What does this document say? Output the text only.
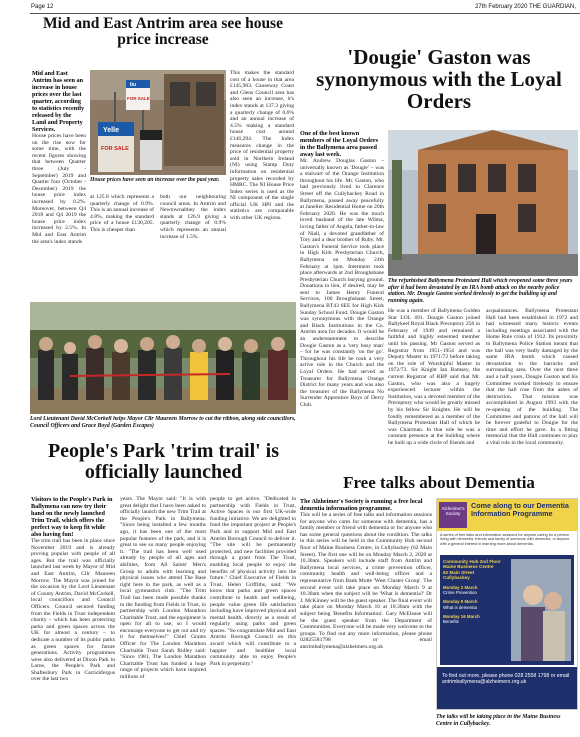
Page 12	27th February 2020 THE GUARDIAN,
Mid and East Antrim area see house price increase

Mid and East Antrim has seen an increase in house prices over the last quarter, according to statistics recently released by the Land and Property Services.

House prices have been on the rise now for some time, with the recent figures showing that between Quarter three (July - September) 2019 and Quarter four (October - December) 2019 the house price index increased by 0.2%. Moreover, between Q4 2018 and Q4 2019 the house price index increased by 2.5%. In Mid and East Antrim the area's index stands

Yelle
FOR SALE
bu
FOR SALE
House prices have seen an increase over the past year.
at 125.8 which represents a quarterly change of 0.9%. This is an annual increase of 4.8%, making the standard price of a house £130,205. This is cheaper than
both our neighbouring council areas. In Antrim and Newtownabbey the index stands at 126.9 giving a quarterly change of 0.9% which represents an annual increase of 1.5%.
This makes the standard cost of a house in that area £145,903. Causeway Coast and Glens Council area has also seen an increase, it's index stands at 137.3 giving a quarterly change of 0.6% and an annual increase of 4.5% making a standard house cost around £146,294. The Index measures change in the price of residential property sold in Northern Ireland (NI) using Stamp Duty information on residential property sales recorded by HMRC. The NI House Price Index series is used as the NI component of the single official UK HPI and the statistics are comparable with other UK regions.
Lord Lieutenant David McCorkell helps Mayor Cllr Maureen Morrow to cut the ribbon, along side councillors, Council Officers and Grace Boyd (Garden Escapes)
People's Park 'trim trail' is officially launched

Visitors to the People's Park in Ballymena can now try their hand on the newly launched Trim Trail, which offers the perfect way to keep fit while also having fun!

The trim trail has been in place since November 2019 and is already proving popular with people of all ages. But the trail was officially launched last week by Mayor of Mid and East Antrim, Cllr Maureen Morrow. The Mayor was joined for the occasion by the Lord Lieutenant of County Antrim, David McCorkell, local councillors and Council Officers. Council secured funding from the Fields in Trust independent charity – which has been protecting parks and green spaces across the UK for almost a century – to dedicate a number of its public parks as green spaces for future generations. Activity programmes were also delivered at Dixon Park in Larne, the People's Park and Shaftesbury Park in Carrickfergus over the last two

years. The Mayor said: "It is with great delight that I have been asked to officially launch the new Trim Trail at the People's Park in Ballymena. "Since being installed a few months ago, it has been one of the most popular features of the park, and it is great to see so many people enjoying it. "The trail has been well used already by people of all ages and abilities, from All Saints' Men's Group to adults with learning and physical issues who attend The Base right here in the park, as well as a local gymnastics club. "The Trim Trail has been made possible thanks to the funding from Fields in Trust, in partnership with London Marathon Charitable Trust, and the equipment is open for all to use, so I would encourage everyone to get out and try it for themselves!" Chief Grants Officer for The London Marathon Charitable Trust Sarah Ridley said: "Since 1981, The London Marathon Charitable Trust has funded a huge range of projects which have inspired millions of
people to get active. "Dedicated in partnership with Fields in Trust, Active Spaces is our first UK-wide funding initiative. We are delighted to fund the important project at People's Park and to support Mid and East Antrim Borough Council to deliver it. "The site will be permanently protected, and new facilities provided through a grant from The Trust, enabling local people to enjoy the benefits of physical activity into the future." Chief Executive of Fields in Trust, Helen Griffiths, said: "We know that parks and green spaces contribute to health and wellbeing, people value green life satisfaction including have improved physical and mental health, directly as a result of regularly using parks and green spaces. "So congratulate Mid and East Antrim Borough Council on this award which will contribute to a happier and healthier local community able to enjoy People's Park in perpetuity."
'Dougie' Gaston was synonymous with the Loyal Orders

One of the best known members of the Loyal Orders in the Ballymena area passed away last week.

Mr. Andrew Douglas Gaston – universally known as 'Dougie' – was a stalwart of the Orange Institution throughout his life. Mr. Gaston, who had previously lived in Clarence Street off the Cullybackey Road in Ballymena, passed away peacefully at Janeliec Residential Home on 20th February 2020. He was the much loved husband of the late Wilma, loving father of Angela, father-in-law of Niall, a devoted grandfather of Tory and a dear brother of Ruby. Mr. Gaston's Funeral Service took place in High Kirk Presbyterian Church, Ballymena on Monday 24th February at 1pm. Interment took place afterwards at 2nd Broughshane Presbyterian Church burying ground. Donations in lieu, if desired, may be sent to James Henry Funeral Services, 100 Broughshane Street, Ballymena BT43 6EE for High Kirk Sunday School Fund. Dougie Gaston was synonymous with the Orange and Black Institutions in the Co. Antrim area for decades. It would be an understatement to describe Dougie Gaston as a 'very busy man' – for he was constantly 'on the go'. Throughout his life he took a very active role in the Church and the Loyal Orders. He had served as Treasurer for Ballymena Orange District for many years and was also the treasurer of the Ballymena No Surrender Apprentice Boys of Derry Club.

The refurbished Ballymena Protestant Hall which reopened some three years after it had been devastated by an IRA bomb attack on the nearby police station. Mr. Dougie Gaston worked tirelessly to get the building up and running again.
He was a member of Ballymena Golden Star LOL 491. Dougie Gaston joined Ballykeel Royal Black Preceptory 258 in February of 1949 and remained a faithful and highly esteemed member until his passing. Mr Gaston served as Registrar from 1951–1954 and was Deputy Master in 1971/72 before taking on the role of Worshipful Master in 1972/73. Sir Knight Ian Ramsey, the current Registrar of RBP said that Mr. Gaston, who was also a hugely experienced lecturer within the Institution, was a devoted member of the Preceptory who would be greatly missed by his fellow Sir Knights. He will be fondly remembered as a member of the Ballymena Protestant Hall of which he was Chairman. In that role he was a constant presence at the building where he built up a wide circle of friends and
acquaintances. Ballymena Protestant Hall had been established in 1972 and had witnessed many historic events including meetings associated with the Home Rule crisis of 1912. Its proximity to Ballymena Police Station meant that the hall was very badly damaged by the same IRA bomb which caused devastation to the barracks and surrounding area. Over the next three and a half years, Dougie Gaston and his Committee worked tirelessly to ensure that the hall rose from the ashes of destruction. That mission was accomplished in August 1993 with the re-opening of the building. The Committee and patrons of the hall will be forever grateful to Dougie for the time and effort he gave. In a fitting memorial that the Hall continues to play a vital role in the local community.
Free talks about Dementia

The Alzheimer's Society is running a free local dementia information programme.

This will be a series of free talks and information sessions for anyone who cares for someone with dementia, has a family member or friend with dementia or for anyone who has some general questions about the condition. The talks in this series will be held in the Community Hub second floor of Maine Business Centre, in Cullybackey (62 Main Street). The first one will be on Monday March 2, 2020 at 10.30am. Speakers will include staff from Antrim and Ballymena local services, a crime prevention officer, community health and well-being officer and a representative from Bank Mutte 'West Cluster Group'. The second event will take place on Monday March 9 at 10.30am when the subject will be 'What is dementia?' Dr J. McKinney will be the guest speaker. The final event will take place on Monday March 16 at 10.30am with the subject being 'Benefits Information'. Gary McElease will be the guest speaker from the Department of Communities. Everyone will be made very welcome to the groups. To find out any more information, please phone 02825581798 or email antrimballymena@alzheimers.org.uk

Alzheimer's Society
Come along to our Dementia Information Programme
A series of free talks and information sessions for anyone caring for a person living with dementia, friends and family of someone with dementia, or anyone with a general interest in learning more about dementia.
Community Hub 2nd Floor
Maine Business Centre
62 Main Street
Cullybackey
Monday 2 March
Crime Prevention
Monday 9 March
What is dementia
Monday 16 March
Benefits
To find out more, please phone 028 2558 1798 or email antrimballymena@alzheimers.org.uk
The talks will be taking place in the Maine Business Centre in Cullybackey.
